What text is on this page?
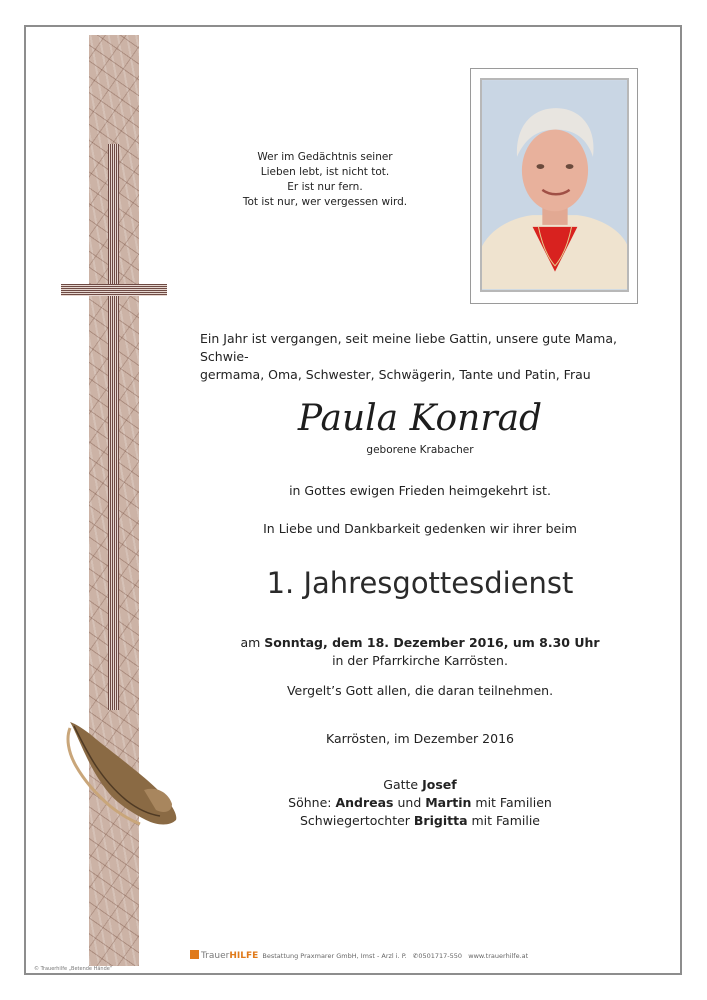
Wer im Gedächtnis seiner
Lieben lebt, ist nicht tot.
Er ist nur fern.
Tot ist nur, wer vergessen wird.
Ein Jahr ist vergangen, seit meine liebe Gattin, unsere gute Mama, Schwie-
germama, Oma, Schwester, Schwägerin, Tante und Patin, Frau
Paula Konrad
geborene Krabacher
in Gottes ewigen Frieden heimgekehrt ist.
In Liebe und Dankbarkeit gedenken wir ihrer beim
1. Jahresgottesdienst
am Sonntag, dem 18. Dezember 2016, um 8.30 Uhr
in der Pfarrkirche Karrösten.
Vergelt’s Gott allen, die daran teilnehmen.
Karrösten, im Dezember 2016
Gatte Josef
Söhne: Andreas und Martin mit Familien
Schwiegertochter Brigitta mit Familie
TrauerHILFE Bestattung Praxmarer GmbH, Imst - Arzl i. P. ✆0501717-550 www.trauerhilfe.at
© Trauerhilfe „Betende Hände“
